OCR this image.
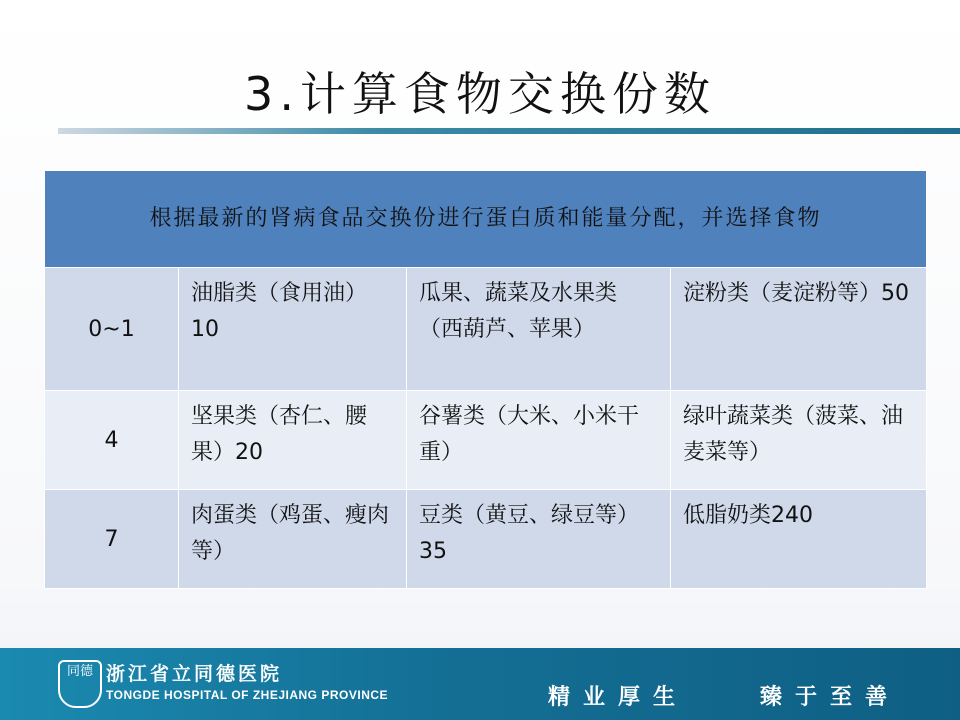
3.计算食物交换份数
根据最新的肾病食品交换份进行蛋白质和能量分配，并选择食物			
0~1	油脂类（食用油）10	瓜果、蔬菜及水果类（西葫芦、苹果）	淀粉类（麦淀粉等）50
4	坚果类（杏仁、腰果）20	谷薯类（大米、小米干重）	绿叶蔬菜类（菠菜、油麦菜等）
7	肉蛋类（鸡蛋、瘦肉等）	豆类（黄豆、绿豆等）35	低脂奶类240
同德 浙江省立同德医院
TONGDE HOSPITAL OF ZHEJIANG PROVINCE	精业厚生	臻于至善
